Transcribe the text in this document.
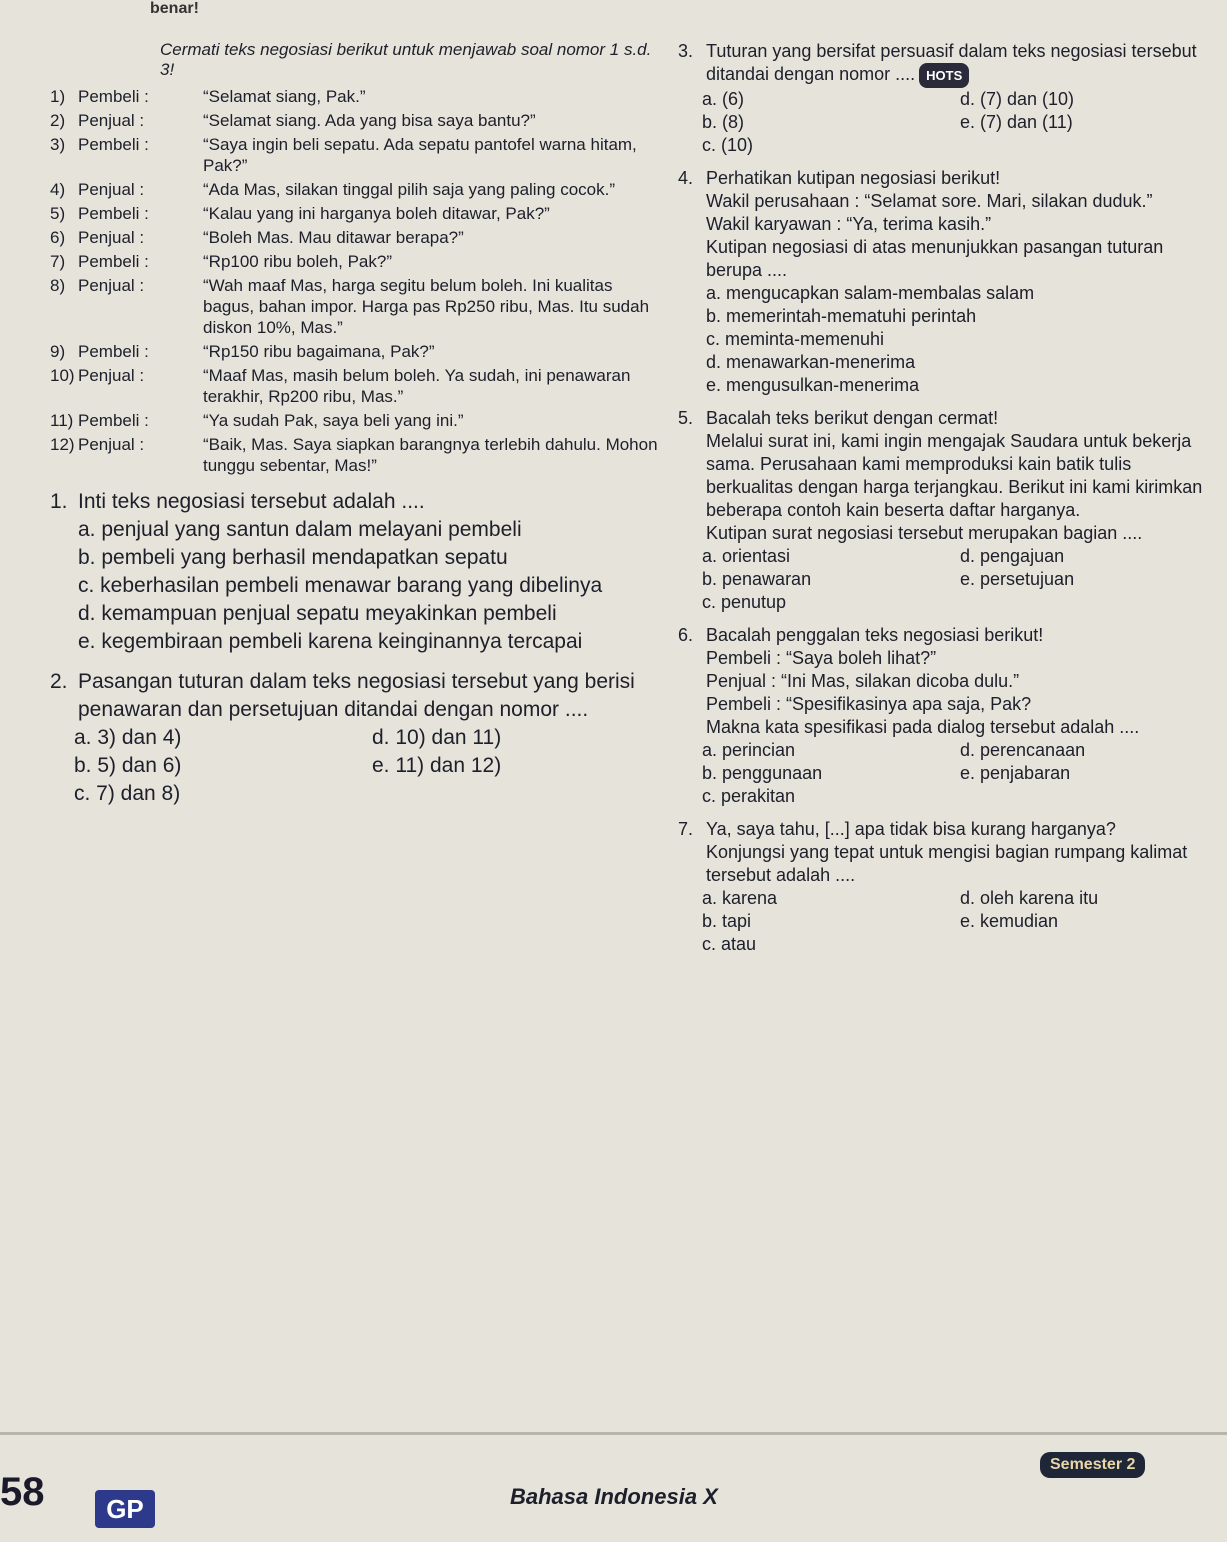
benar!
Cermati teks negosiasi berikut untuk menjawab soal nomor 1 s.d. 3!
1) Pembeli :	“Selamat siang, Pak.”
2) Penjual :	“Selamat siang. Ada yang bisa saya bantu?”
3) Pembeli :	“Saya ingin beli sepatu. Ada sepatu pantofel warna hitam, Pak?”
4) Penjual :	“Ada Mas, silakan tinggal pilih saja yang paling cocok.”
5) Pembeli :	“Kalau yang ini harganya boleh ditawar, Pak?”
6) Penjual :	“Boleh Mas. Mau ditawar berapa?”
7) Pembeli :	“Rp100 ribu boleh, Pak?”
8) Penjual :	“Wah maaf Mas, harga segitu belum boleh. Ini kualitas bagus, bahan impor. Harga pas Rp250 ribu, Mas. Itu sudah diskon 10%, Mas.”
9) Pembeli :	“Rp150 ribu bagaimana, Pak?”
10) Penjual :	“Maaf Mas, masih belum boleh. Ya sudah, ini penawaran terakhir, Rp200 ribu, Mas.”
11) Pembeli :	“Ya sudah Pak, saya beli yang ini.”
12) Penjual :	“Baik, Mas. Saya siapkan barangnya terlebih dahulu. Mohon tunggu sebentar, Mas!”
1. Inti teks negosiasi tersebut adalah ....
a. penjual yang santun dalam melayani pembeli
b. pembeli yang berhasil mendapatkan sepatu
c. keberhasilan pembeli menawar barang yang dibelinya
d. kemampuan penjual sepatu meyakinkan pembeli
e. kegembiraan pembeli karena keinginannya tercapai
2. Pasangan tuturan dalam teks negosiasi tersebut yang berisi penawaran dan persetujuan ditandai dengan nomor ....
a. 3) dan 4)	d. 10) dan 11)
b. 5) dan 6)	e. 11) dan 12)
c. 7) dan 8)
3. Tuturan yang bersifat persuasif dalam teks negosiasi tersebut ditandai dengan nomor .... HOTS
a. (6)	d. (7) dan (10)
b. (8)	e. (7) dan (11)
c. (10)
4. Perhatikan kutipan negosiasi berikut!
Wakil perusahaan : “Selamat sore. Mari, silakan duduk.”
Wakil karyawan : “Ya, terima kasih.”
Kutipan negosiasi di atas menunjukkan pasangan tuturan berupa ....
a. mengucapkan salam-membalas salam
b. memerintah-mematuhi perintah
c. meminta-memenuhi
d. menawarkan-menerima
e. mengusulkan-menerima
5. Bacalah teks berikut dengan cermat!
Melalui surat ini, kami ingin mengajak Saudara untuk bekerja sama. Perusahaan kami memproduksi kain batik tulis berkualitas dengan harga terjangkau. Berikut ini kami kirimkan beberapa contoh kain beserta daftar harganya.
Kutipan surat negosiasi tersebut merupakan bagian ....
a. orientasi	d. pengajuan
b. penawaran	e. persetujuan
c. penutup
6. Bacalah penggalan teks negosiasi berikut!
Pembeli : “Saya boleh lihat?”
Penjual : “Ini Mas, silakan dicoba dulu.”
Pembeli : “Spesifikasinya apa saja, Pak?
Makna kata spesifikasi pada dialog tersebut adalah ....
a. perincian	d. perencanaan
b. penggunaan	e. penjabaran
c. perakitan
7. Ya, saya tahu, [...] apa tidak bisa kurang harganya?
Konjungsi yang tepat untuk mengisi bagian rumpang kalimat tersebut adalah ....
a. karena	d. oleh karena itu
b. tapi	e. kemudian
c. atau
58	GP	Bahasa Indonesia X
Semester 2
